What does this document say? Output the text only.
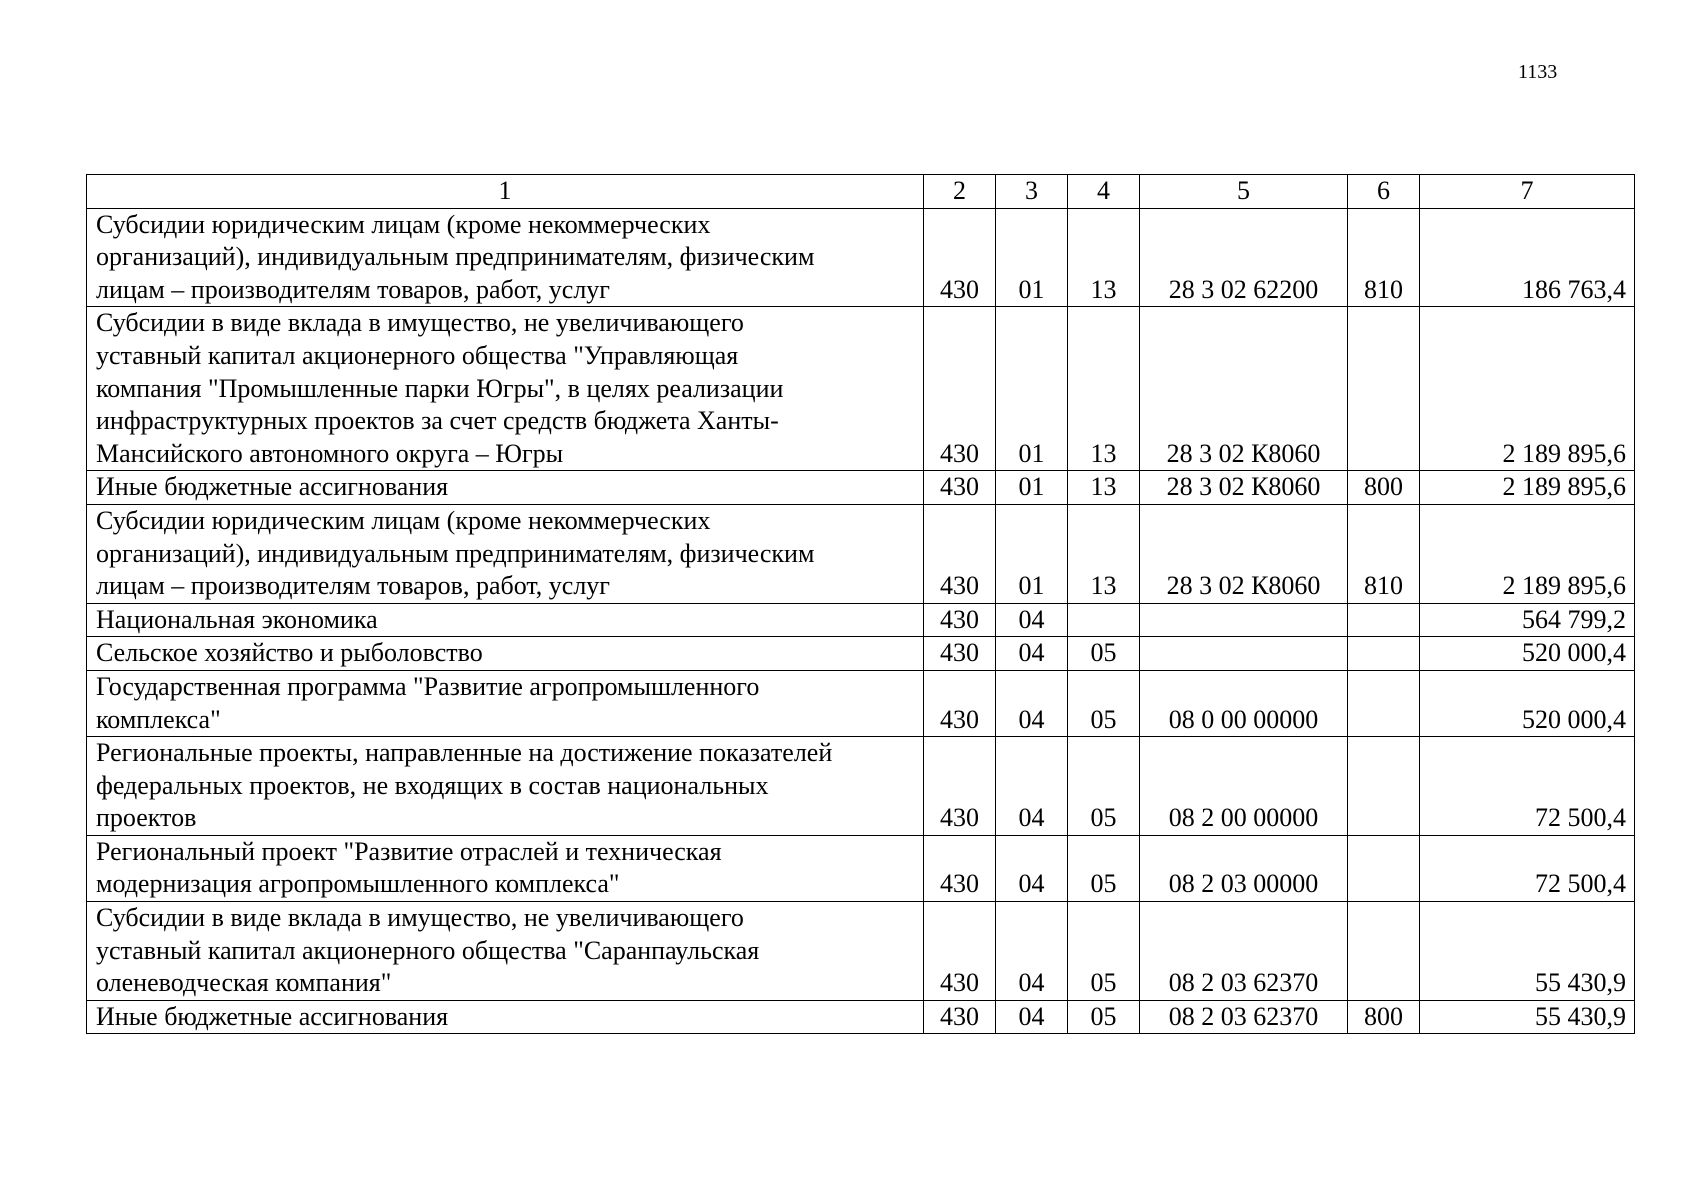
1133
1	2	3	4	5	6	7

Субсидии юридическим лицам (кроме некоммерческих
организаций), индивидуальным предпринимателям, физическим
лицам – производителям товаров, работ, услуг	430	01	13	28 3 02 62200	810	186 763,4

Субсидии в виде вклада в имущество, не увеличивающего
уставный капитал акционерного общества "Управляющая
компания "Промышленные парки Югры", в целях реализации
инфраструктурных проектов за счет средств бюджета Ханты-
Мансийского автономного округа – Югры	430	01	13	28 3 02 К8060		2 189 895,6

Иные бюджетные ассигнования	430	01	13	28 3 02 К8060	800	2 189 895,6

Субсидии юридическим лицам (кроме некоммерческих
организаций), индивидуальным предпринимателям, физическим
лицам – производителям товаров, работ, услуг	430	01	13	28 3 02 К8060	810	2 189 895,6

Национальная экономика	430	04				564 799,2

Сельское хозяйство и рыболовство	430	04	05			520 000,4

Государственная программа "Развитие агропромышленного
комплекса"	430	04	05	08 0 00 00000		520 000,4

Региональные проекты, направленные на достижение показателей
федеральных проектов, не входящих в состав национальных
проектов	430	04	05	08 2 00 00000		72 500,4

Региональный проект "Развитие отраслей и техническая
модернизация агропромышленного комплекса"	430	04	05	08 2 03 00000		72 500,4

Субсидии в виде вклада в имущество, не увеличивающего
уставный капитал акционерного общества "Саранпаульская
оленеводческая компания"	430	04	05	08 2 03 62370		55 430,9

Иные бюджетные ассигнования	430	04	05	08 2 03 62370	800	55 430,9
